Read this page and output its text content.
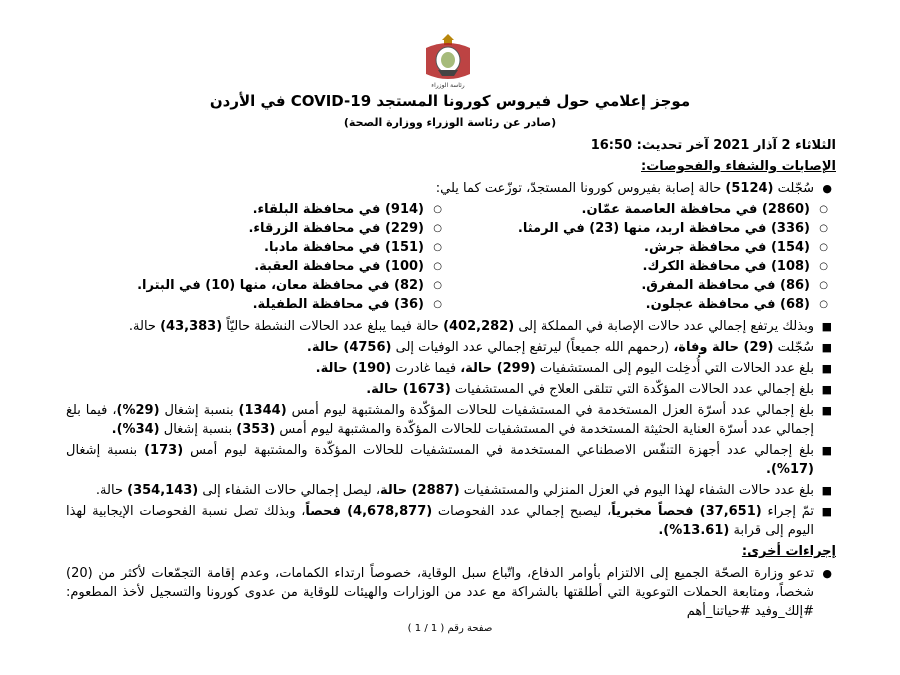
رئاسة الوزراء
موجز إعلامي حول فيروس كورونا المستجد COVID-19 في الأردن
(صادر عن رئاسة الوزراء ووزارة الصحة)
الثلاثاء 2 آذار 2021 آخر تحديث: 16:50
الإصابات والشفاء والفحوصات:
●
سُجّلت (5124) حالة إصابة بفيروس كورونا المستجدّ، توزّعت كما يلي:
○
(2860) في محافظة العاصمة عمّان.
○
(914) في محافظة البلقاء.
○
(336) في محافظة اربد، منها (23) في الرمثا.
○
(229) في محافظة الزرقاء.
○
(154) في محافظة جرش.
○
(151) في محافظة مادبا.
○
(108) في محافظة الكرك.
○
(100) في محافظة العقبة.
○
(86) في محافظة المفرق.
○
(82) في محافظة معان، منها (10) في البترا.
○
(68) في محافظة عجلون.
○
(36) في محافظة الطفيلة.
■
وبذلك يرتفع إجمالي عدد حالات الإصابة في المملكة إلى (402,282) حالة فيما يبلغ عدد الحالات النشطة حاليّاً (43,383) حالة.
■
سُجّلت (29) حالة وفاة، (رحمهم الله جميعاً) ليرتفع إجمالي عدد الوفيات إلى (4756) حالة.
■
بلغ عدد الحالات التي أُدخِلت اليوم إلى المستشفيات (299) حالة، فيما غادرت (190) حالة.
■
بلغ إجمالي عدد الحالات المؤكّدة التي تتلقى العلاج في المستشفيات (1673) حالة.
■
بلغ إجمالي عدد أسرّة العزل المستخدمة في المستشفيات للحالات المؤكّدة والمشتبهة ليوم أمس (1344) بنسبة إشغال (29%)، فيما بلغ إجمالي عدد أسرّة العناية الحثيثة المستخدمة في المستشفيات للحالات المؤكّدة والمشتبهة ليوم أمس (353) بنسبة إشغال (34%).
■
بلغ إجمالي عدد أجهزة التنفّس الاصطناعي المستخدمة في المستشفيات للحالات المؤكّدة والمشتبهة ليوم أمس (173) بنسبة إشغال (17%).
■
بلغ عدد حالات الشفاء لهذا اليوم في العزل المنزلي والمستشفيات (2887) حالة، ليصل إجمالي حالات الشفاء إلى (354,143) حالة.
■
تمّ إجراء (37,651) فحصاً مخبرياً، ليصبح إجمالي عدد الفحوصات (4,678,877) فحصاً، وبذلك تصل نسبة الفحوصات الإيجابية لهذا اليوم إلى قرابة (13.61%).
إجراءات أخرى:
●
تدعو وزارة الصحّة الجميع إلى الالتزام بأوامر الدفاع، واتّباع سبل الوقاية، خصوصاً ارتداء الكمامات، وعدم إقامة التجمّعات لأكثر من (20) شخصاً، ومتابعة الحملات التوعوية التي أطلقتها بالشراكة مع عدد من الوزارات والهيئات للوقاية من عدوى كورونا والتسجيل لأخذ المطعوم: #إلك_وفيد #حياتنا_أهم
صفحة رقم ( 1 / 1 )
